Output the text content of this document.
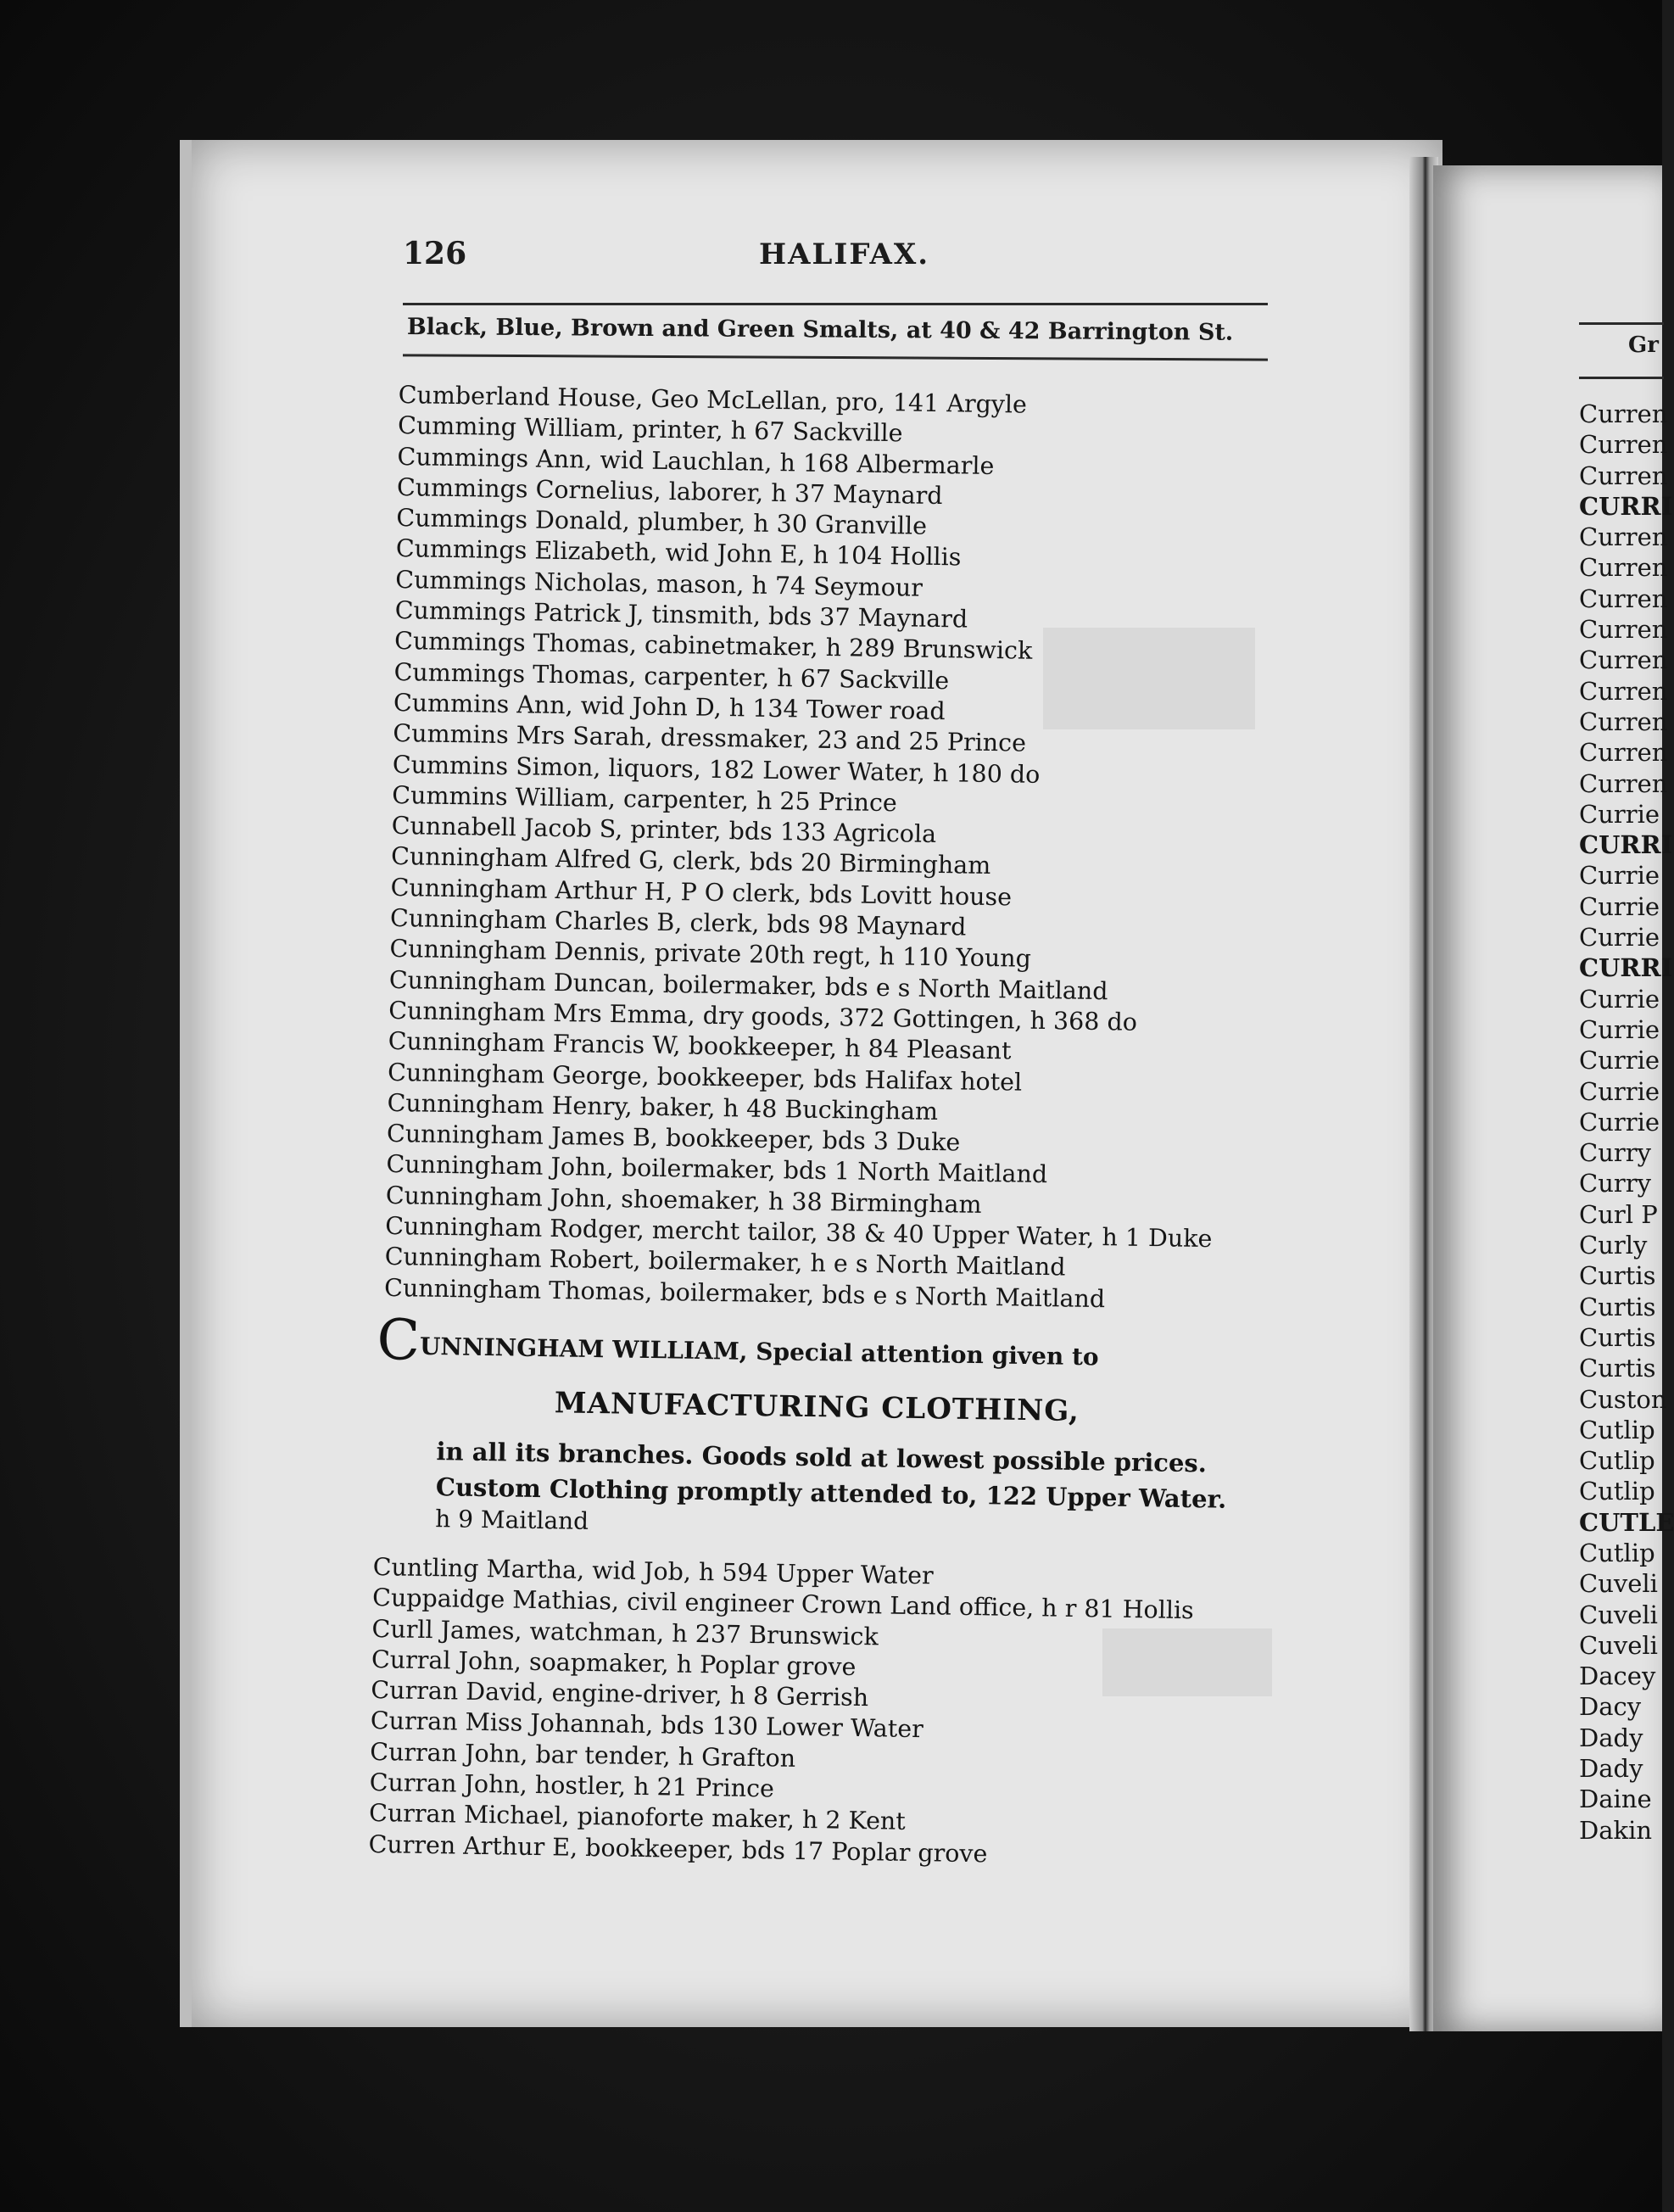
126	HALIFAX.
Black, Blue, Brown and Green Smalts, at 40 & 42 Barrington St.
Cumberland House, Geo McLellan, pro, 141 Argyle
Cumming William, printer, h 67 Sackville
Cummings Ann, wid Lauchlan, h 168 Albermarle
Cummings Cornelius, laborer, h 37 Maynard
Cummings Donald, plumber, h 30 Granville
Cummings Elizabeth, wid John E, h 104 Hollis
Cummings Nicholas, mason, h 74 Seymour
Cummings Patrick J, tinsmith, bds 37 Maynard
Cummings Thomas, cabinetmaker, h 289 Brunswick
Cummings Thomas, carpenter, h 67 Sackville
Cummins Ann, wid John D, h 134 Tower road
Cummins Mrs Sarah, dressmaker, 23 and 25 Prince
Cummins Simon, liquors, 182 Lower Water, h 180 do
Cummins William, carpenter, h 25 Prince
Cunnabell Jacob S, printer, bds 133 Agricola
Cunningham Alfred G, clerk, bds 20 Birmingham
Cunningham Arthur H, P O clerk, bds Lovitt house
Cunningham Charles B, clerk, bds 98 Maynard
Cunningham Dennis, private 20th regt, h 110 Young
Cunningham Duncan, boilermaker, bds e s North Maitland
Cunningham Mrs Emma, dry goods, 372 Gottingen, h 368 do
Cunningham Francis W, bookkeeper, h 84 Pleasant
Cunningham George, bookkeeper, bds Halifax hotel
Cunningham Henry, baker, h 48 Buckingham
Cunningham James B, bookkeeper, bds 3 Duke
Cunningham John, boilermaker, bds 1 North Maitland
Cunningham John, shoemaker, h 38 Birmingham
Cunningham Rodger, mercht tailor, 38 & 40 Upper Water, h 1 Duke
Cunningham Robert, boilermaker, h e s North Maitland
Cunningham Thomas, boilermaker, bds e s North Maitland
CUNNINGHAM WILLIAM, Special attention given to
MANUFACTURING CLOTHING,
in all its branches. Goods sold at lowest possible prices.
Custom Clothing promptly attended to, 122 Upper Water.
h 9 Maitland
Cuntling Martha, wid Job, h 594 Upper Water
Cuppaidge Mathias, civil engineer Crown Land office, h r 81 Hollis
Curll James, watchman, h 237 Brunswick
Curral John, soapmaker, h Poplar grove
Curran David, engine-driver, h 8 Gerrish
Curran Miss Johannah, bds 130 Lower Water
Curran John, bar tender, h Grafton
Curran John, hostler, h 21 Prince
Curran Michael, pianoforte maker, h 2 Kent
Curren Arthur E, bookkeeper, bds 17 Poplar grove
Gr
Curren
Curren
Curren
CURRI
Curren
Curren
Curren
Curren
Curren
Curren
Curren
Curren
Curren
Currie
CURRI
Currie
Currie
Currie
CURRI
Currie
Currie
Currie
Currie
Currie
Curry
Curry
Curl P
Curly
Curtis
Curtis
Curtis
Curtis
Custon
Cutlip
Cutlip
Cutlip
CUTLE
Cutlip
Cuveli
Cuveli
Cuveli
Dacey
Dacy
Dady
Dady
Daine
Dakin
